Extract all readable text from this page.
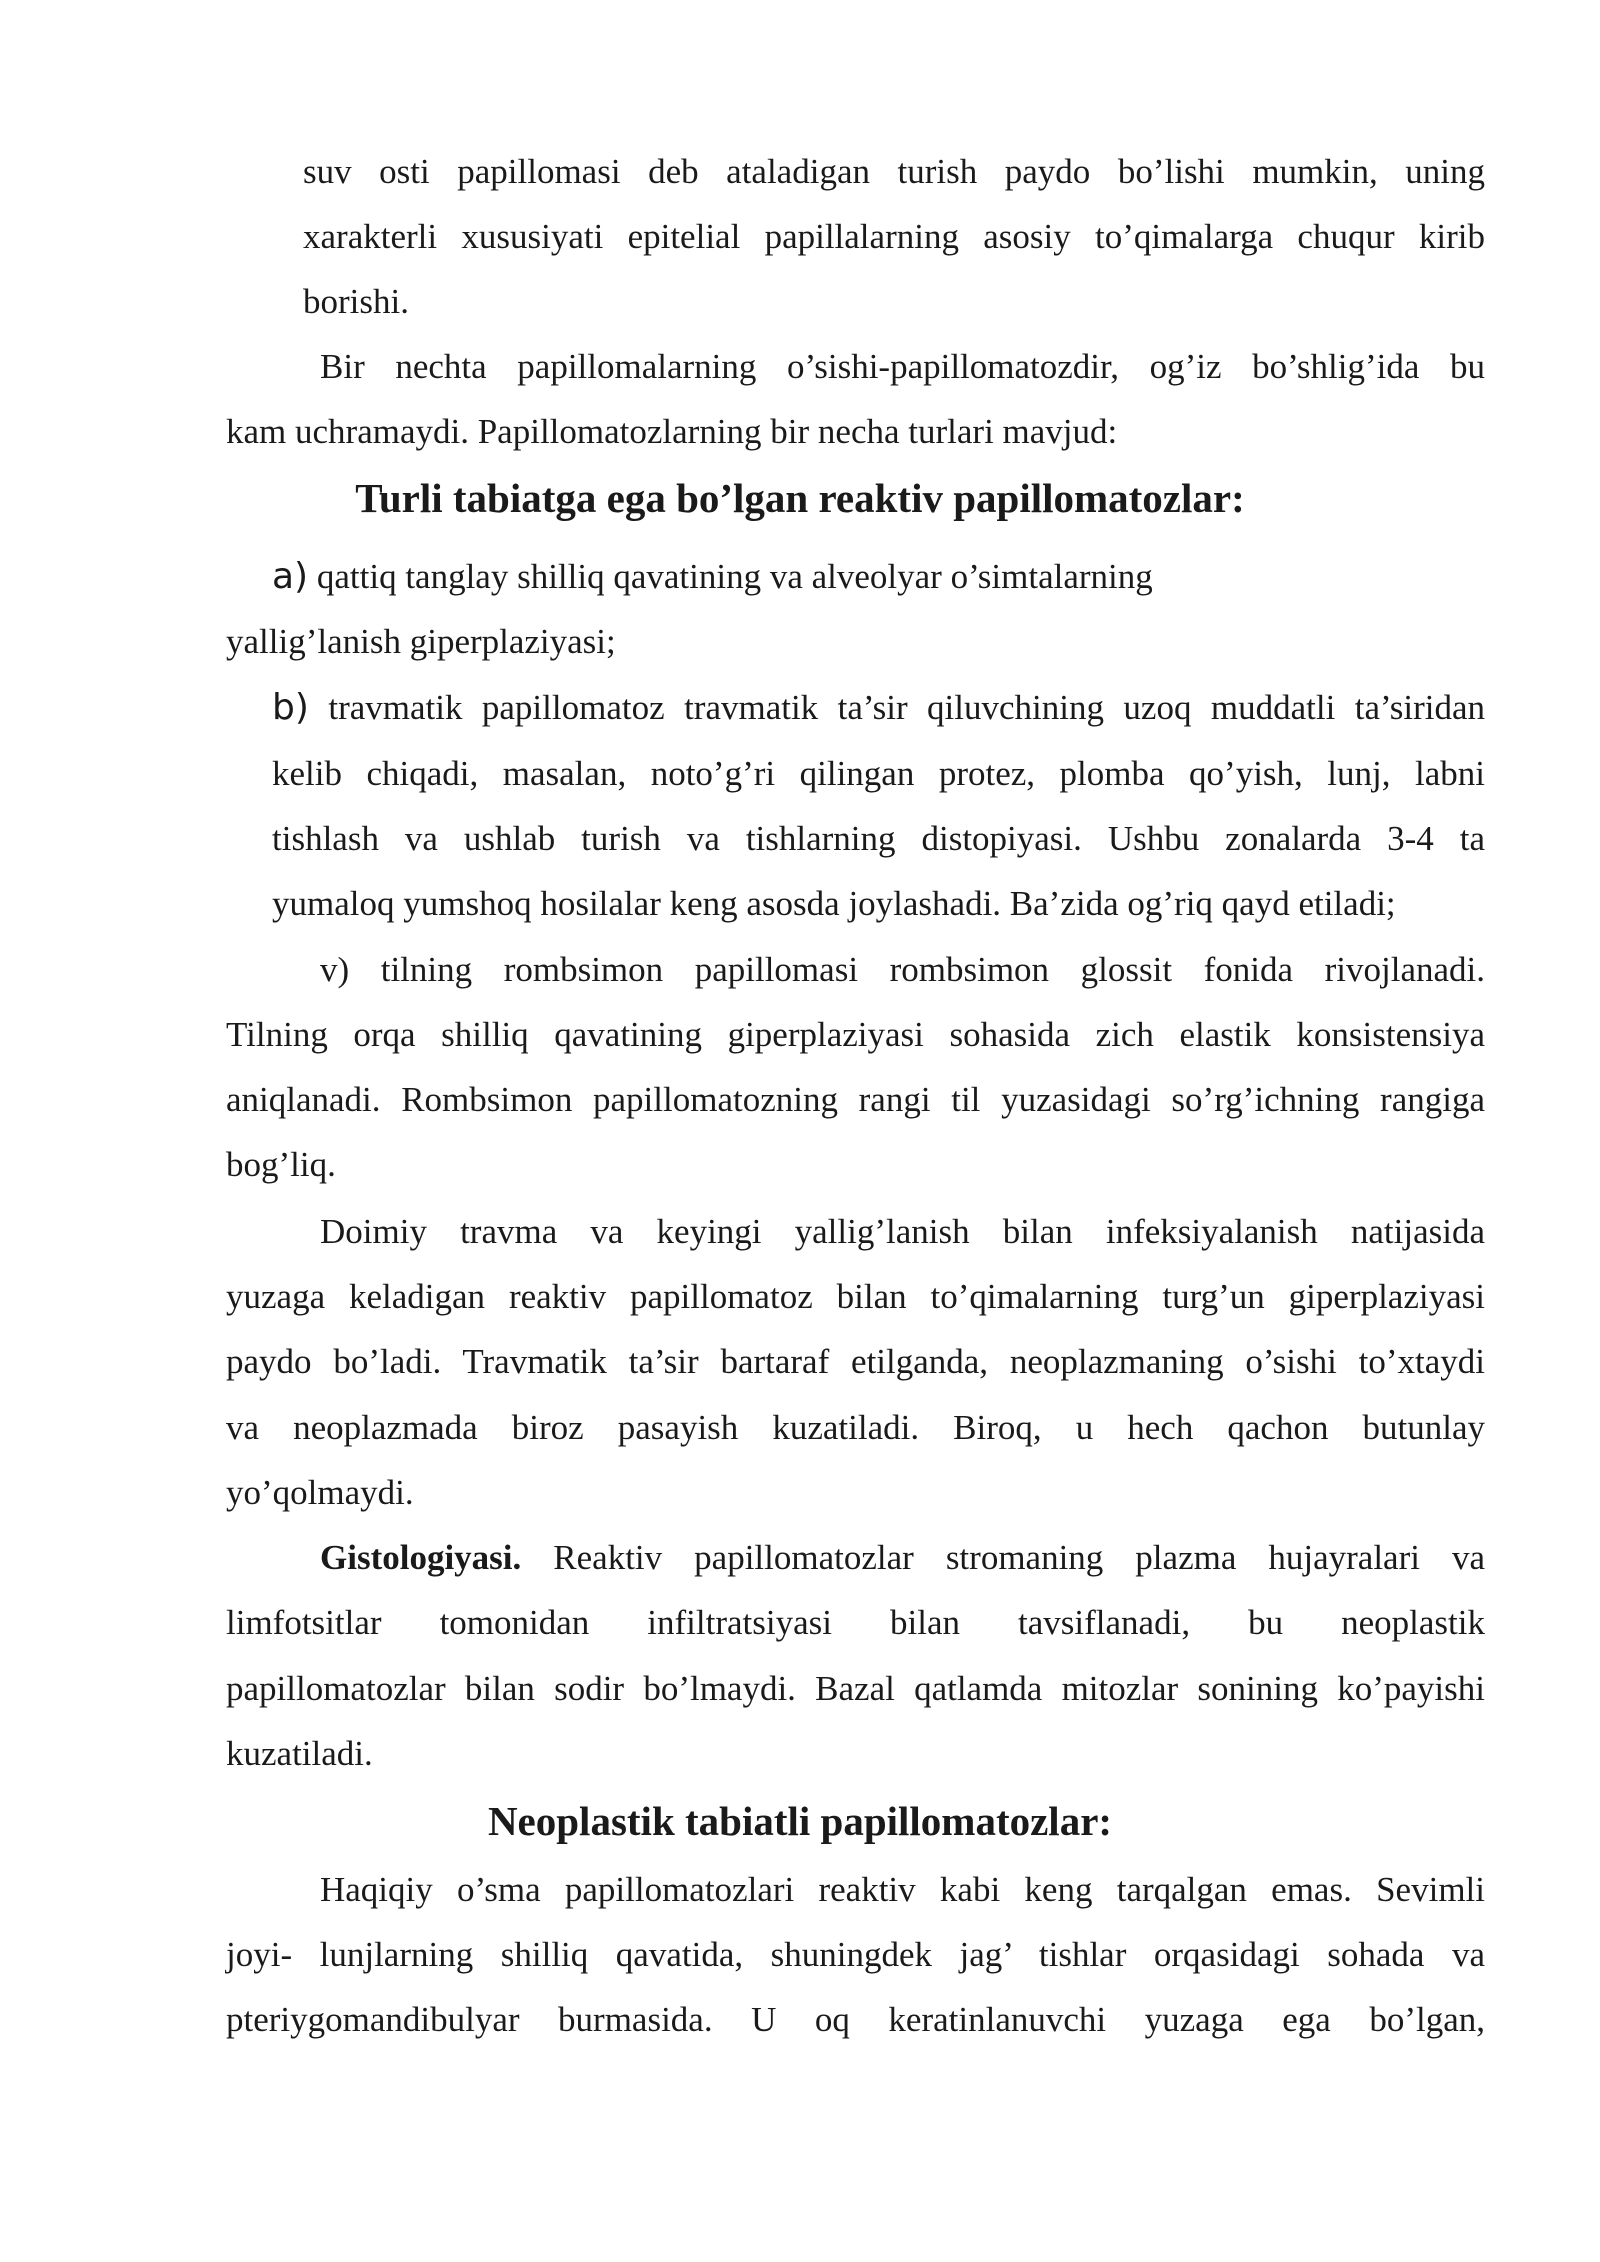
suv osti papillomasi deb ataladigan turish paydo bo’lishi mumkin, uning
xarakterli xususiyati epitelial papillalarning asosiy to’qimalarga chuqur kirib
borishi.
Bir nechta papillomalarning o’sishi-papillomatozdir, og’iz bo’shlig’ida bu
kam uchramaydi. Papillomatozlarning bir necha turlari mavjud:
Turli tabiatga ega bo’lgan reaktiv papillomatozlar:
a) qattiq tanglay shilliq qavatining va alveolyar o’simtalarning
yallig’lanish giperplaziyasi;
b) travmatik papillomatoz travmatik ta’sir qiluvchining uzoq muddatli ta’siridan
kelib chiqadi, masalan, noto’g’ri qilingan protez, plomba qo’yish, lunj, labni
tishlash va ushlab turish va tishlarning distopiyasi. Ushbu zonalarda 3-4 ta
yumaloq yumshoq hosilalar keng asosda joylashadi. Ba’zida og’riq qayd etiladi;
v) tilning rombsimon papillomasi rombsimon glossit fonida rivojlanadi.
Tilning orqa shilliq qavatining giperplaziyasi sohasida zich elastik konsistensiya
aniqlanadi. Rombsimon papillomatozning rangi til yuzasidagi so’rg’ichning rangiga
bog’liq.
Doimiy travma va keyingi yallig’lanish bilan infeksiyalanish natijasida
yuzaga keladigan reaktiv papillomatoz bilan to’qimalarning turg’un giperplaziyasi
paydo bo’ladi. Travmatik ta’sir bartaraf etilganda, neoplazmaning o’sishi to’xtaydi
va neoplazmada biroz pasayish kuzatiladi. Biroq, u hech qachon butunlay
yo’qolmaydi.
Gistologiyasi. Reaktiv papillomatozlar stromaning plazma hujayralari va
limfotsitlar tomonidan infiltratsiyasi bilan tavsiflanadi, bu neoplastik
papillomatozlar bilan sodir bo’lmaydi. Bazal qatlamda mitozlar sonining ko’payishi
kuzatiladi.
Neoplastik tabiatli papillomatozlar:
Haqiqiy o’sma papillomatozlari reaktiv kabi keng tarqalgan emas. Sevimli
joyi- lunjlarning shilliq qavatida, shuningdek jag’ tishlar orqasidagi sohada va
pteriygomandibulyar burmasida. U oq keratinlanuvchi yuzaga ega bo’lgan,
